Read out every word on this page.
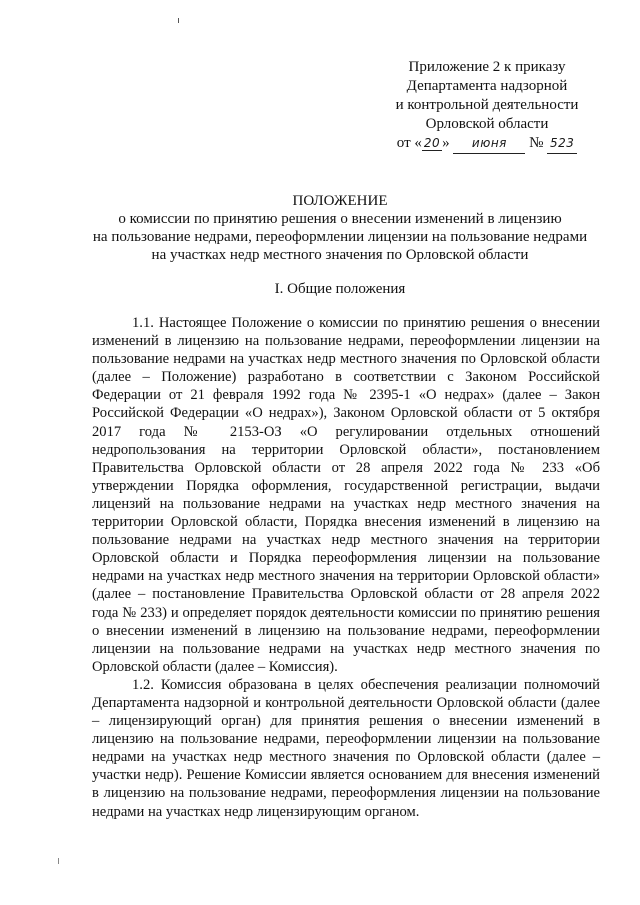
Приложение 2 к приказу
Департамента надзорной
и контрольной деятельности
Орловской области
от « 20 » июня № 523
ПОЛОЖЕНИЕ
о комиссии по принятию решения о внесении изменений в лицензию
на пользование недрами, переоформлении лицензии на пользование недрами
на участках недр местного значения по Орловской области
I. Общие положения

1.1. Настоящее Положение о комиссии по принятию решения о внесении изменений в лицензию на пользование недрами, переоформлении лицензии на пользование недрами на участках недр местного значения по Орловской области (далее – Положение) разработано в соответствии с Законом Российской Федерации от 21 февраля 1992 года № 2395-1 «О недрах» (далее – Закон Российской Федерации «О недрах»), Законом Орловской области от 5 октября 2017 года № 2153-ОЗ «О регулировании отдельных отношений недропользования на территории Орловской области», постановлением Правительства Орловской области от 28 апреля 2022 года № 233 «Об утверждении Порядка оформления, государственной регистрации, выдачи лицензий на пользование недрами на участках недр местного значения на территории Орловской области, Порядка внесения изменений в лицензию на пользование недрами на участках недр местного значения на территории Орловской области и Порядка переоформления лицензии на пользование недрами на участках недр местного значения на территории Орловской области» (далее – постановление Правительства Орловской области от 28 апреля 2022 года № 233) и определяет порядок деятельности комиссии по принятию решения о внесении изменений в лицензию на пользование недрами, переоформлении лицензии на пользование недрами на участках недр местного значения по Орловской области (далее – Комиссия).

1.2. Комиссия образована в целях обеспечения реализации полномочий Департамента надзорной и контрольной деятельности Орловской области (далее – лицензирующий орган) для принятия решения о внесении изменений в лицензию на пользование недрами, переоформлении лицензии на пользование недрами на участках недр местного значения по Орловской области (далее – участки недр). Решение Комиссии является основанием для внесения изменений в лицензию на пользование недрами, переоформления лицензии на пользование недрами на участках недр лицензирующим органом.
